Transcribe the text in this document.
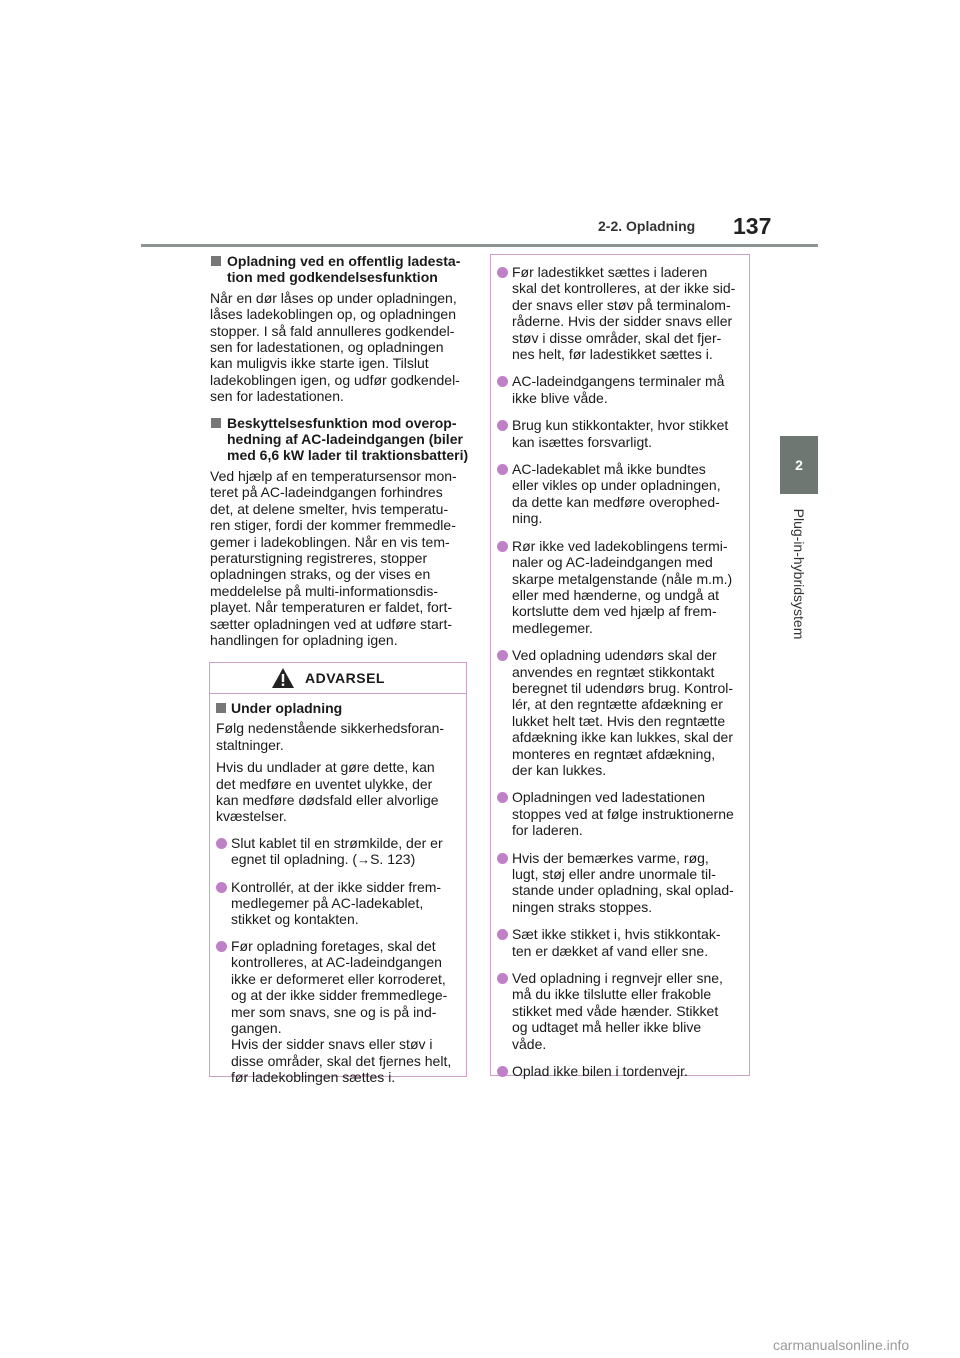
2-2. Opladning 137
2
Plug-in-hybridsystem
Opladning ved en offentlig ladesta-
tion med godkendelsesfunktion
Når en dør låses op under opladningen,
låses ladekoblingen op, og opladningen
stopper. I så fald annulleres godkendel-
sen for ladestationen, og opladningen
kan muligvis ikke starte igen. Tilslut
ladekoblingen igen, og udfør godkendel-
sen for ladestationen.
Beskyttelsesfunktion mod overop-
hedning af AC-ladeindgangen (biler
med 6,6 kW lader til traktionsbatteri)
Ved hjælp af en temperatursensor mon-
teret på AC-ladeindgangen forhindres
det, at delene smelter, hvis temperatu-
ren stiger, fordi der kommer fremmedle-
gemer i ladekoblingen. Når en vis tem-
peraturstigning registreres, stopper
opladningen straks, og der vises en
meddelelse på multi-informationsdis-
playet. Når temperaturen er faldet, fort-
sætter opladningen ved at udføre start-
handlingen for opladning igen.
ADVARSEL
Under opladning
Følg nedenstående sikkerhedsforan-
staltninger.
Hvis du undlader at gøre dette, kan
det medføre en uventet ulykke, der
kan medføre dødsfald eller alvorlige
kvæstelser.
Slut kablet til en strømkilde, der er
egnet til opladning. (→S. 123)
Kontrollér, at der ikke sidder frem-
medlegemer på AC-ladekablet,
stikket og kontakten.
Før opladning foretages, skal det
kontrolleres, at AC-ladeindgangen
ikke er deformeret eller korroderet,
og at der ikke sidder fremmedlege-
mer som snavs, sne og is på ind-
gangen.
Hvis der sidder snavs eller støv i
disse områder, skal det fjernes helt,
før ladekoblingen sættes i.
Før ladestikket sættes i laderen
skal det kontrolleres, at der ikke sid-
der snavs eller støv på terminalom-
råderne. Hvis der sidder snavs eller
støv i disse områder, skal det fjer-
nes helt, før ladestikket sættes i.
AC-ladeindgangens terminaler må
ikke blive våde.
Brug kun stikkontakter, hvor stikket
kan isættes forsvarligt.
AC-ladekablet må ikke bundtes
eller vikles op under opladningen,
da dette kan medføre overophed-
ning.
Rør ikke ved ladekoblingens termi-
naler og AC-ladeindgangen med
skarpe metalgenstande (nåle m.m.)
eller med hænderne, og undgå at
kortslutte dem ved hjælp af frem-
medlegemer.
Ved opladning udendørs skal der
anvendes en regntæt stikkontakt
beregnet til udendørs brug. Kontrol-
lér, at den regntætte afdækning er
lukket helt tæt. Hvis den regntætte
afdækning ikke kan lukkes, skal der
monteres en regntæt afdækning,
der kan lukkes.
Opladningen ved ladestationen
stoppes ved at følge instruktionerne
for laderen.
Hvis der bemærkes varme, røg,
lugt, støj eller andre unormale til-
stande under opladning, skal oplad-
ningen straks stoppes.
Sæt ikke stikket i, hvis stikkontak-
ten er dækket af vand eller sne.
Ved opladning i regnvejr eller sne,
må du ikke tilslutte eller frakoble
stikket med våde hænder. Stikket
og udtaget må heller ikke blive
våde.
Oplad ikke bilen i tordenvejr.
carmanualsonline.info
